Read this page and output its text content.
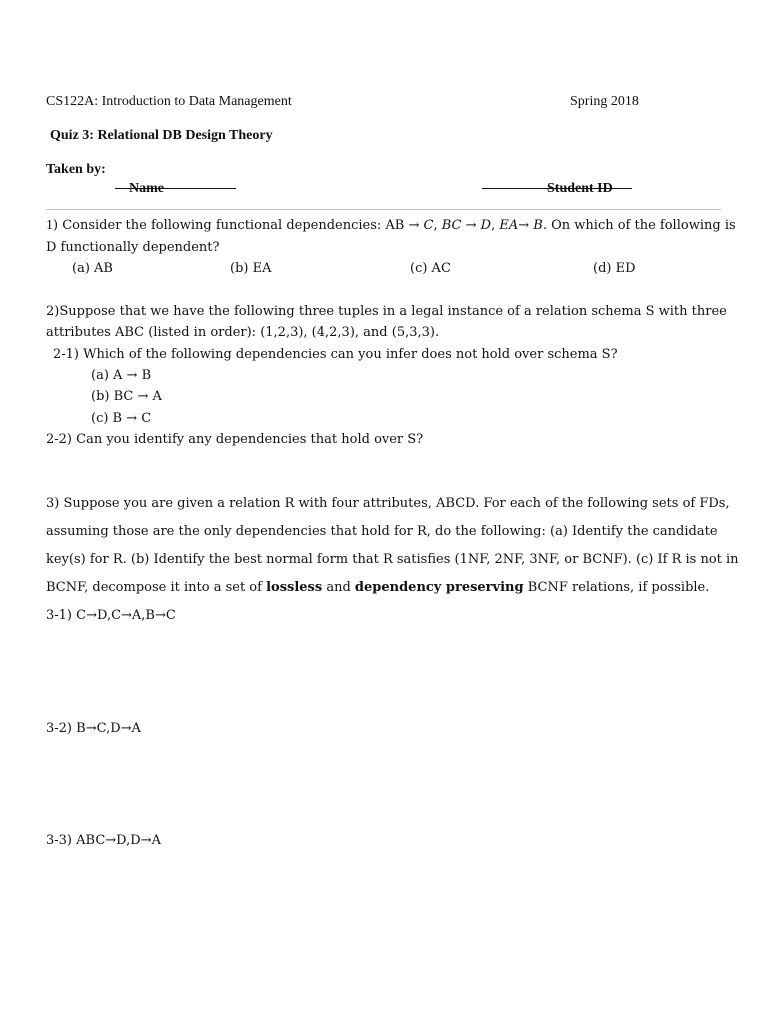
CS122A: Introduction to Data Management	Spring 2018
Quiz 3: Relational DB Design Theory
Taken by:
Name	Student ID
1) Consider the following functional dependencies: AB → C, BC → D, EA→ B. On which of the following is
D functionally dependent?
(a) AB	(b) EA	(c) AC	(d) ED
2)Suppose that we have the following three tuples in a legal instance of a relation schema S with three
attributes ABC (listed in order): (1,2,3), (4,2,3), and (5,3,3).
2-1) Which of the following dependencies can you infer does not hold over schema S?
(a) A → B
(b) BC → A
(c) B → C
2-2) Can you identify any dependencies that hold over S?
3) Suppose you are given a relation R with four attributes, ABCD. For each of the following sets of FDs,
assuming those are the only dependencies that hold for R, do the following: (a) Identify the candidate
key(s) for R. (b) Identify the best normal form that R satisfies (1NF, 2NF, 3NF, or BCNF). (c) If R is not in
BCNF, decompose it into a set of lossless and dependency preserving BCNF relations, if possible.
3-1) C→D,C→A,B→C
3-2) B→C,D→A
3-3) ABC→D,D→A
